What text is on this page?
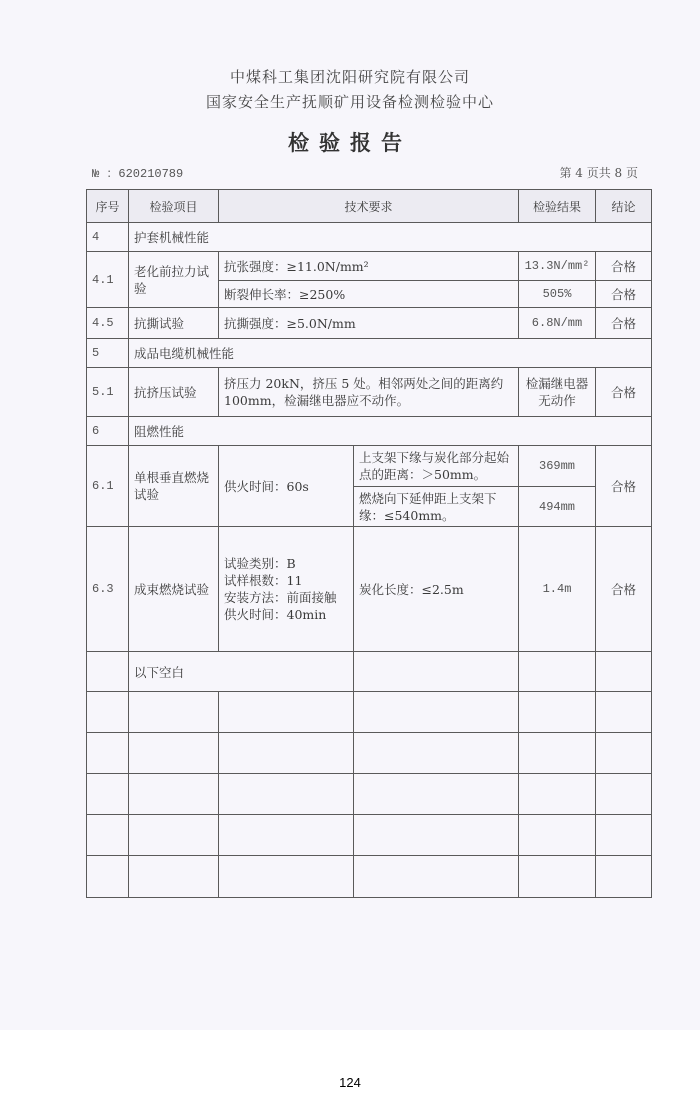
中煤科工集团沈阳研究院有限公司
国家安全生产抚顺矿用设备检测检验中心
检验报告
№ ：620210789	第 4 页共 8 页
序号	检验项目	技术要求		检验结果	结论
4	护套机械性能				
4.1	老化前拉力试验	抗张强度：≥11.0N/mm²		13.3N/mm²	合格
		断裂伸长率：≥250%		505%	合格
4.5	抗撕试验	抗撕强度：≥5.0N/mm		6.8N/mm	合格
5	成品电缆机械性能				
5.1	抗挤压试验	挤压力 20kN，挤压 5 处。相邻两处之间的距离约 100mm，检漏继电器应不动作。		检漏继电器无动作	合格
6	阻燃性能				
6.1	单根垂直燃烧试验	供火时间：60s	上支架下缘与炭化部分起始点的距离：＞50mm。	369mm	合格
			燃烧向下延伸距上支架下缘：≤540mm。	494mm	
6.3	成束燃烧试验	试验类别：B
试样根数：11
安装方法：前面接触
供火时间：40min	炭化长度：≤2.5m	1.4m	合格
	以下空白				

124
